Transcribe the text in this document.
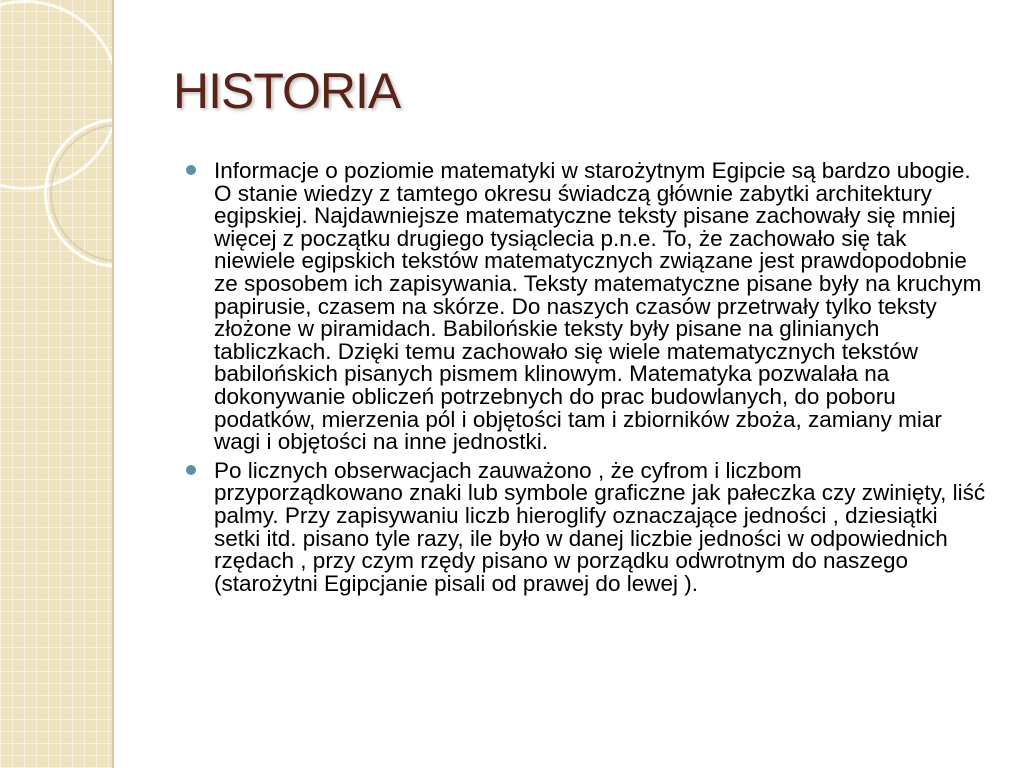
HISTORIA

Informacje o poziomie matematyki w starożytnym Egipcie są bardzo ubogie. O stanie wiedzy z tamtego okresu świadczą głównie zabytki architektury egipskiej. Najdawniejsze matematyczne teksty pisane zachowały się mniej więcej z początku drugiego tysiąclecia p.n.e. To, że zachowało się tak niewiele egipskich tekstów matematycznych związane jest prawdopodobnie ze sposobem ich zapisywania. Teksty matematyczne pisane były na kruchym papirusie, czasem na skórze. Do naszych czasów przetrwały tylko teksty złożone w piramidach. Babilońskie teksty były pisane na glinianych tabliczkach. Dzięki temu zachowało się wiele matematycznych tekstów babilońskich pisanych pismem klinowym. Matematyka pozwalała na dokonywanie obliczeń potrzebnych do prac budowlanych, do poboru podatków, mierzenia pól i objętości tam i zbiorników zboża, zamiany miar wagi i objętości na inne jednostki.

Po licznych obserwacjach zauważono , że cyfrom i liczbom przyporządkowano znaki lub symbole graficzne jak pałeczka czy zwinięty, liść palmy. Przy zapisywaniu liczb hieroglify oznaczające jedności , dziesiątki setki itd. pisano tyle razy, ile było w danej liczbie jedności w odpowiednich rzędach , przy czym rzędy pisano w porządku odwrotnym do naszego (starożytni Egipcjanie pisali od prawej do lewej ).
